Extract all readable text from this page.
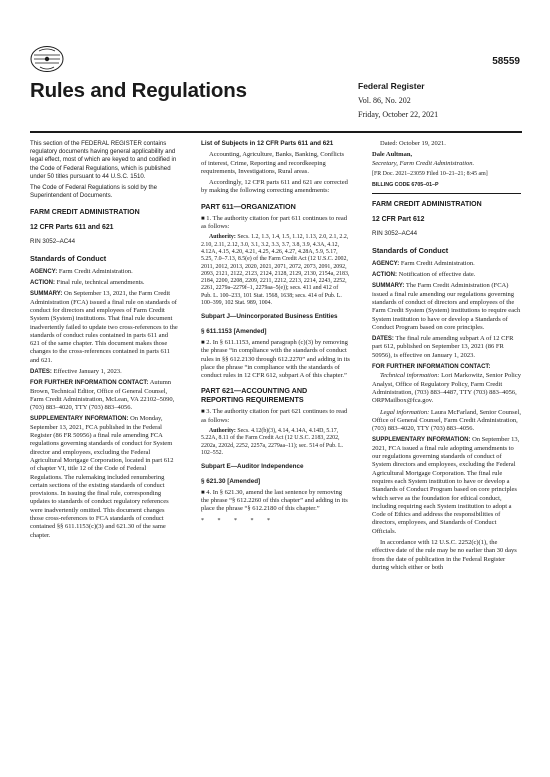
58559
Rules and Regulations	Federal Register
Vol. 86, No. 202
Friday, October 22, 2021

This section of the FEDERAL REGISTER contains regulatory documents having general applicability and legal effect, most of which are keyed to and codified in the Code of Federal Regulations, which is published under 50 titles pursuant to 44 U.S.C. 1510.

The Code of Federal Regulations is sold by the Superintendent of Documents.

FARM CREDIT ADMINISTRATION
12 CFR Parts 611 and 621
RIN 3052–AC44
Standards of Conduct

AGENCY: Farm Credit Administration.

ACTION: Final rule, technical amendments.

SUMMARY: On September 13, 2021, the Farm Credit Administration (FCA) issued a final rule on standards of conduct for directors and employees of Farm Credit System (System) institutions. That final rule document inadvertently failed to update two cross-references to the standards of conduct rules contained in parts 611 and 621 of the same chapter. This document makes those changes to the cross-references contained in parts 611 and 621.

DATES: Effective January 1, 2023.

FOR FURTHER INFORMATION CONTACT: Autumn Brown, Technical Editor, Office of General Counsel, Farm Credit Administration, McLean, VA 22102–5090, (703) 883–4020, TTY (703) 883–4056.

SUPPLEMENTARY INFORMATION: On Monday, September 13, 2021, FCA published in the Federal Register (86 FR 50956) a final rule amending FCA regulations governing standards of conduct for System director and employees, excluding the Federal Agricultural Mortgage Corporation, located in part 612 of chapter VI, title 12 of the Code of Federal Regulations. The rulemaking included renumbering certain sections of the existing standards of conduct provisions. In issuing the final rule, corresponding updates to standards of conduct regulatory references were inadvertently omitted. This document changes those cross-references to FCA standards of conduct contained §§ 611.1153(c)(3) and 621.30 of the same chapter.

List of Subjects in 12 CFR Parts 611 and 621

Accounting, Agriculture, Banks, Banking, Conflicts of interest, Crime, Reporting and recordkeeping requirements, Investigations, Rural areas.

Accordingly, 12 CFR parts 611 and 621 are corrected by making the following correcting amendments:

PART 611—ORGANIZATION

■ 1. The authority citation for part 611 continues to read as follows:

Authority: Secs. 1.2, 1.3, 1.4, 1.5, 1.12, 1.13, 2.0, 2.1, 2.2, 2.10, 2.11, 2.12, 3.0, 3.1, 3.2, 3.3, 3.7, 3.8, 3.9, 4.3A, 4.12, 4.12A, 4.15, 4.20, 4.21, 4.25, 4.26, 4.27, 4.28A, 5.9, 5.17, 5.25, 7.0–7.13, 8.5(e) of the Farm Credit Act (12 U.S.C. 2002, 2011, 2012, 2013, 2020, 2021, 2071, 2072, 2073, 2091, 2092, 2093, 2121, 2122, 2123, 2124, 2128, 2129, 2130, 2154a, 2183, 2184, 2200, 2208, 2209, 2211, 2212, 2213, 2214, 2243, 2252, 2261, 2279a–2279f–1, 2279aa–5(e)); secs. 411 and 412 of Pub. L. 100–233, 101 Stat. 1568, 1638; secs. 414 of Pub. L. 100–399, 102 Stat. 989, 1004.

Subpart J—Unincorporated Business Entities
§ 611.1153 [Amended]

■ 2. In § 611.1153, amend paragraph (c)(3) by removing the phrase “in compliance with the standards of conduct rules in §§ 612.2130 through 612.2270” and adding in its place the phrase “in compliance with the standards of conduct rules in 12 CFR 612, subpart A of this chapter.”

PART 621—ACCOUNTING AND REPORTING REQUIREMENTS

■ 3. The authority citation for part 621 continues to read as follows:

Authority: Secs. 4.12(b)(3), 4.14, 4.14A, 4.14D, 5.17, 5.22A, 8.11 of the Farm Credit Act (12 U.S.C. 2183, 2202, 2202a, 2202d, 2252, 2257a, 2279aa–11); sec. 514 of Pub. L. 102–552.

Subpart E—Auditor Independence
§ 621.30 [Amended]

■ 4. In § 621.30, amend the last sentence by removing the phrase “§ 612.2260 of this chapter” and adding in its place the phrase “§ 612.2180 of this chapter.”

* * * * *

Dated: October 19, 2021.

Dale Aultman,

Secretary, Farm Credit Administration.

[FR Doc. 2021–23059 Filed 10–21–21; 8:45 am]

BILLING CODE 6705–01–P
FARM CREDIT ADMINISTRATION
12 CFR Part 612
RIN 3052–AC44
Standards of Conduct

AGENCY: Farm Credit Administration.

ACTION: Notification of effective date.

SUMMARY: The Farm Credit Administration (FCA) issued a final rule amending our regulations governing standards of conduct of directors and employees of the Farm Credit System (System) institutions to require each System institution to have or develop a Standards of Conduct Program based on core principles.

DATES: The final rule amending subpart A of 12 CFR part 612, published on September 13, 2021 (86 FR 50956), is effective on January 1, 2023.

FOR FURTHER INFORMATION CONTACT:

Technical information: Lori Markowitz, Senior Policy Analyst, Office of Regulatory Policy, Farm Credit Administration, (703) 883–4487, TTY (703) 883–4056, ORPMailbox@fca.gov.

Legal information: Laura McFarland, Senior Counsel, Office of General Counsel, Farm Credit Administration, (703) 883–4020, TTY (703) 883–4056.

SUPPLEMENTARY INFORMATION: On September 13, 2021, FCA issued a final rule adopting amendments to our regulations governing standards of conduct of System directors and employees, excluding the Federal Agricultural Mortgage Corporation. The final rule requires each System institution to have or develop a Standards of Conduct Program based on core principles which serve as the foundation for ethical conduct, including requiring each System institution to adopt a Code of Ethics and address the responsibilities of directors, employees, and Standards of Conduct Officials.

In accordance with 12 U.S.C. 2252(c)(1), the effective date of the rule may be no earlier than 30 days from the date of publication in the Federal Register during which either or both
